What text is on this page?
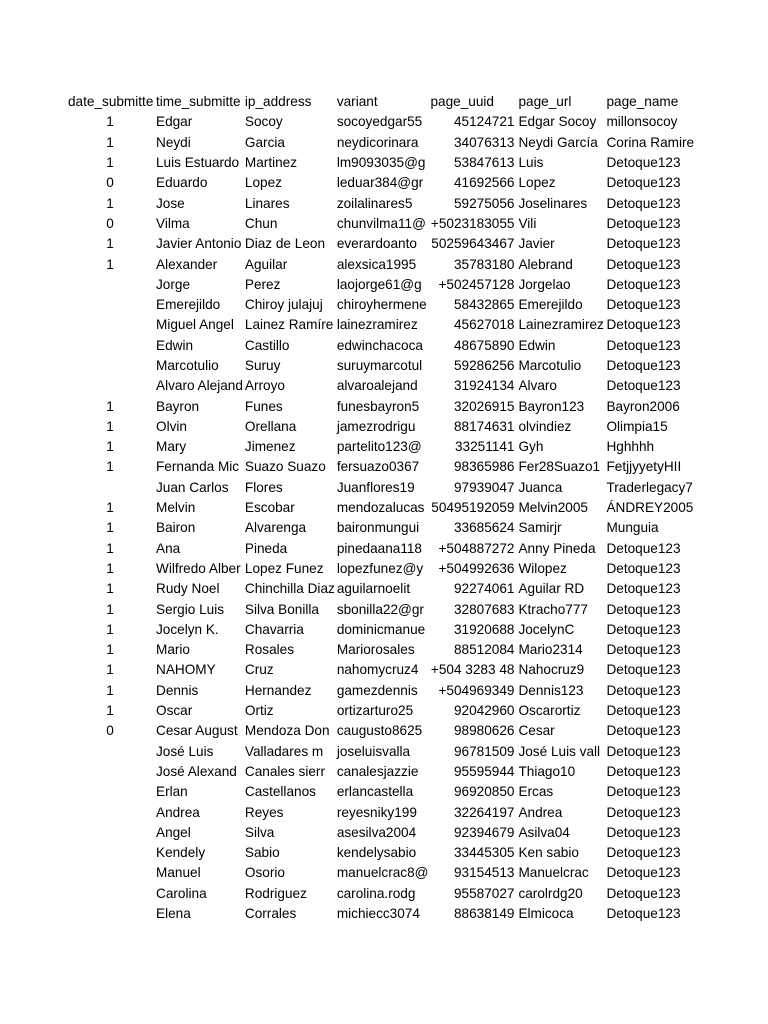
date_submitte	time_submitte	ip_address	variant	page_uuid	page_url	page_name
1	Edgar	Socoy	socoyedgar55	45124721	Edgar Socoy	millonsocoy
1	Neydi	Garcia	neydicorinara	34076313	Neydi García	Corina Ramire
1	Luis Estuardo	Martinez	lm9093035@g	53847613	Luis	Detoque123
0	Eduardo	Lopez	leduar384@gr	41692566	Lopez	Detoque123
1	Jose	Linares	zoilalinares5	59275056	Joselinares	Detoque123
0	Vilma	Chun	chunvilma11@	+5023183055	Vili	Detoque123
1	Javier Antonio	Diaz de Leon	everardoanto	50259643467	Javier	Detoque123
1	Alexander	Aguilar	alexsica1995	35783180	Alebrand	Detoque123
	Jorge	Perez	laojorge61@g	+502457128	Jorgelao	Detoque123
	Emerejildo	Chiroy julajuj	chiroyhermene	58432865	Emerejildo	Detoque123
	Miguel Angel	Lainez Ramíre	lainezramirez	45627018	Lainezramirez	Detoque123
	Edwin	Castillo	edwinchacoca	48675890	Edwin	Detoque123
	Marcotulio	Suruy	suruymarcotul	59286256	Marcotulio	Detoque123
	Alvaro Alejand	Arroyo	alvaroalejand	31924134	Alvaro	Detoque123
1	Bayron	Funes	funesbayron5	32026915	Bayron123	Bayron2006
1	Olvin	Orellana	jamezrodrigu	88174631	olvindiez	Olimpia15
1	Mary	Jimenez	partelito123@	33251141	Gyh	Hghhhh
1	Fernanda Mic	Suazo Suazo	fersuazo0367	98365986	Fer28Suazo1	FetjjyyetyHII
	Juan Carlos	Flores	Juanflores19	97939047	Juanca	Traderlegacy7
1	Melvin	Escobar	mendozalucas	50495192059	Melvin2005	ÁNDREY2005
1	Bairon	Alvarenga	baironmungui	33685624	Samirjr	Munguia
1	Ana	Pineda	pinedaana118	+504887272	Anny Pineda	Detoque123
1	Wilfredo Alber	Lopez Funez	lopezfunez@y	+504992636	Wilopez	Detoque123
1	Rudy Noel	Chinchilla Diaz	aguilarnoelit	92274061	Aguilar RD	Detoque123
1	Sergio Luis	Silva Bonilla	sbonilla22@gr	32807683	Ktracho777	Detoque123
1	Jocelyn K.	Chavarria	dominicmanue	31920688	JocelynC	Detoque123
1	Mario	Rosales	Mariorosales	88512084	Mario2314	Detoque123
1	NAHOMY	Cruz	nahomycruz4	+504 3283 48	Nahocruz9	Detoque123
1	Dennis	Hernandez	gamezdennis	+504969349	Dennis123	Detoque123
1	Oscar	Ortiz	ortizarturo25	92042960	Oscarortiz	Detoque123
0	Cesar August	Mendoza Don	caugusto8625	98980626	Cesar	Detoque123
	José Luis	Valladares m	joseluisvalla	96781509	José Luis vall	Detoque123
	José Alexand	Canales sierr	canalesjazzie	95595944	Thiago10	Detoque123
	Erlan	Castellanos	erlancastella	96920850	Ercas	Detoque123
	Andrea	Reyes	reyesniky199	32264197	Andrea	Detoque123
	Angel	Silva	asesilva2004	92394679	Asilva04	Detoque123
	Kendely	Sabio	kendelysabio	33445305	Ken sabio	Detoque123
	Manuel	Osorio	manuelcrac8@	93154513	Manuelcrac	Detoque123
	Carolina	Rodriguez	carolina.rodg	95587027	carolrdg20	Detoque123
	Elena	Corrales	michiecc3074	88638149	Elmicoca	Detoque123
